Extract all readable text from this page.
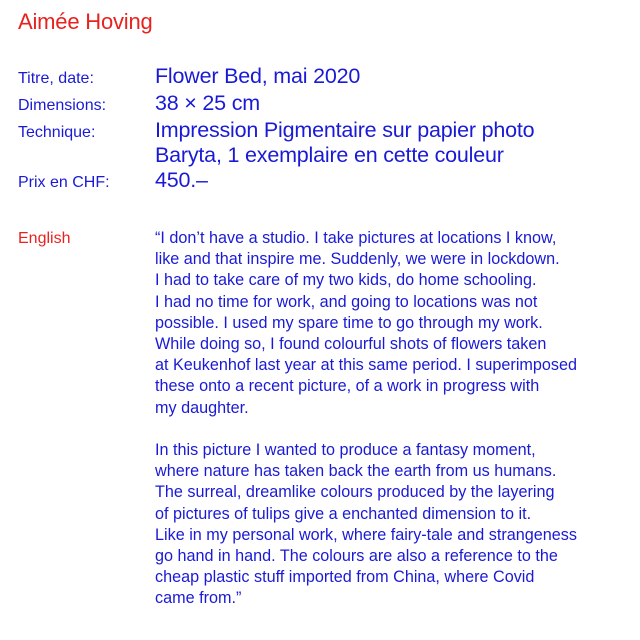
Aimée Hoving
Titre, date:	Flower Bed, mai 2020
Dimensions:	38 × 25 cm
Technique:	Impression Pigmentaire sur papier photo
Baryta, 1 exemplaire en cette couleur
Prix en CHF:	450.–
English	“I don’t have a studio. I take pictures at locations I know,
like and that inspire me. Suddenly, we were in lockdown.
I had to take care of my two kids, do home schooling.
I had no time for work, and going to locations was not
possible. I used my spare time to go through my work.
While doing so, I found colourful shots of flowers taken
at Keukenhof last year at this same period. I superimposed
these onto a recent picture, of a work in progress with
my daughter.
In this picture I wanted to produce a fantasy moment,
where nature has taken back the earth from us humans.
The surreal, dreamlike colours produced by the layering
of pictures of tulips give a enchanted dimension to it.
Like in my personal work, where fairy-tale and strangeness
go hand in hand. The colours are also a reference to the
cheap plastic stuff imported from China, where Covid
came from.”
